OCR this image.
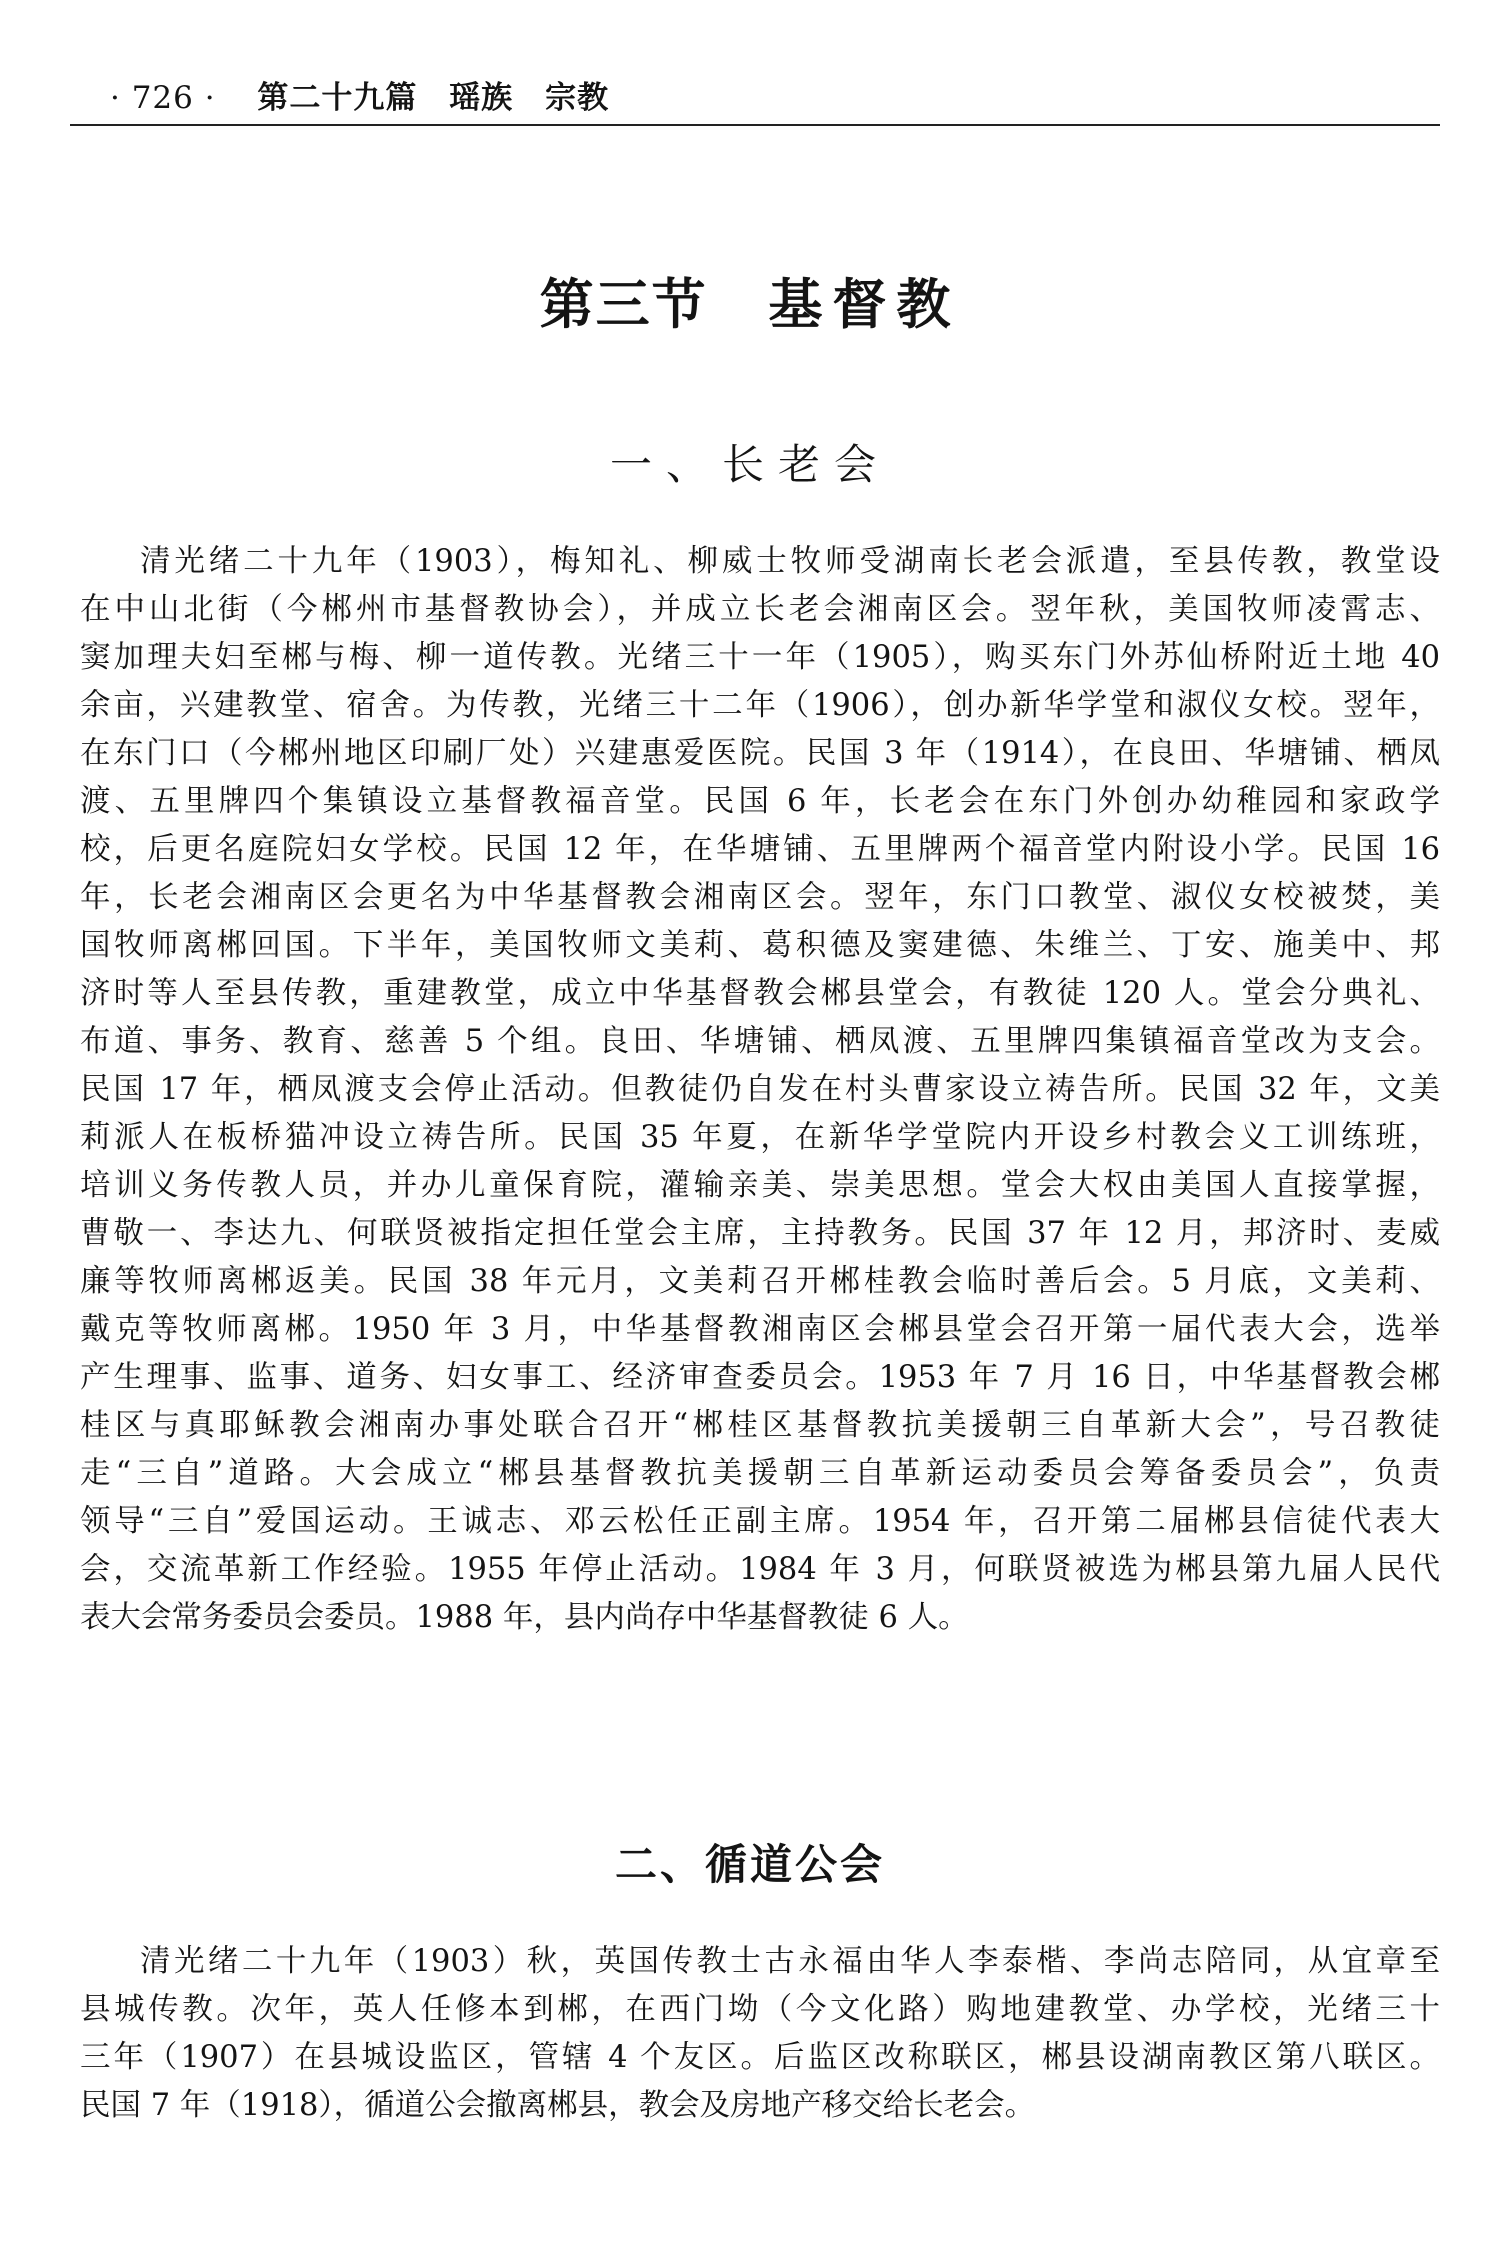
· 726 · 第二十九篇 瑶族　宗教
第三节 基督教
一、长老会
清光绪二十九年（1903），梅知礼、柳威士牧师受湖南长老会派遣，至县传教，教堂设
在中山北街（今郴州市基督教协会），并成立长老会湘南区会。翌年秋，美国牧师凌霄志、
窦加理夫妇至郴与梅、柳一道传教。光绪三十一年（1905），购买东门外苏仙桥附近土地 40
余亩，兴建教堂、宿舍。为传教，光绪三十二年（1906），创办新华学堂和淑仪女校。翌年，
在东门口（今郴州地区印刷厂处）兴建惠爱医院。民国 3 年（1914），在良田、华塘铺、栖凤
渡、五里牌四个集镇设立基督教福音堂。民国 6 年，长老会在东门外创办幼稚园和家政学
校，后更名庭院妇女学校。民国 12 年，在华塘铺、五里牌两个福音堂内附设小学。民国 16
年，长老会湘南区会更名为中华基督教会湘南区会。翌年，东门口教堂、淑仪女校被焚，美
国牧师离郴回国。下半年，美国牧师文美莉、葛积德及窦建德、朱维兰、丁安、施美中、邦
济时等人至县传教，重建教堂，成立中华基督教会郴县堂会，有教徒 120 人。堂会分典礼、
布道、事务、教育、慈善 5 个组。良田、华塘铺、栖凤渡、五里牌四集镇福音堂改为支会。
民国 17 年，栖凤渡支会停止活动。但教徒仍自发在村头曹家设立祷告所。民国 32 年，文美
莉派人在板桥猫冲设立祷告所。民国 35 年夏，在新华学堂院内开设乡村教会义工训练班，
培训义务传教人员，并办儿童保育院，灌输亲美、崇美思想。堂会大权由美国人直接掌握，
曹敬一、李达九、何联贤被指定担任堂会主席，主持教务。民国 37 年 12 月，邦济时、麦威
廉等牧师离郴返美。民国 38 年元月，文美莉召开郴桂教会临时善后会。5 月底，文美莉、
戴克等牧师离郴。1950 年 3 月，中华基督教湘南区会郴县堂会召开第一届代表大会，选举
产生理事、监事、道务、妇女事工、经济审查委员会。1953 年 7 月 16 日，中华基督教会郴
桂区与真耶稣教会湘南办事处联合召开“郴桂区基督教抗美援朝三自革新大会”，号召教徒
走“三自”道路。大会成立“郴县基督教抗美援朝三自革新运动委员会筹备委员会”，负责
领导“三自”爱国运动。王诚志、邓云松任正副主席。1954 年，召开第二届郴县信徒代表大
会，交流革新工作经验。1955 年停止活动。1984 年 3 月，何联贤被选为郴县第九届人民代
表大会常务委员会委员。1988 年，县内尚存中华基督教徒 6 人。
二、循道公会
清光绪二十九年（1903）秋，英国传教士古永福由华人李泰楷、李尚志陪同，从宜章至
县城传教。次年，英人任修本到郴，在西门坳（今文化路）购地建教堂、办学校，光绪三十
三年（1907）在县城设监区，管辖 4 个友区。后监区改称联区，郴县设湖南教区第八联区。
民国 7 年（1918），循道公会撤离郴县，教会及房地产移交给长老会。
